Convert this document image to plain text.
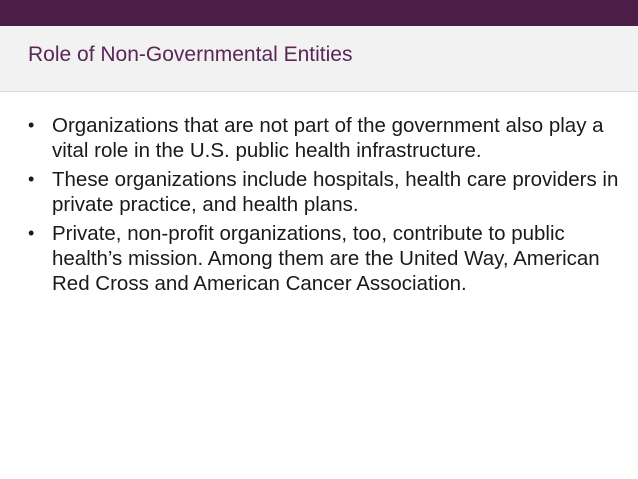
Role of Non-Governmental Entities
• Organizations that are not part of the government also play a vital role in the U.S. public health infrastructure.
• These organizations include hospitals, health care providers in private practice, and health plans.
• Private, non-profit organizations, too, contribute to public health’s mission. Among them are the United Way, American Red Cross and American Cancer Association.
